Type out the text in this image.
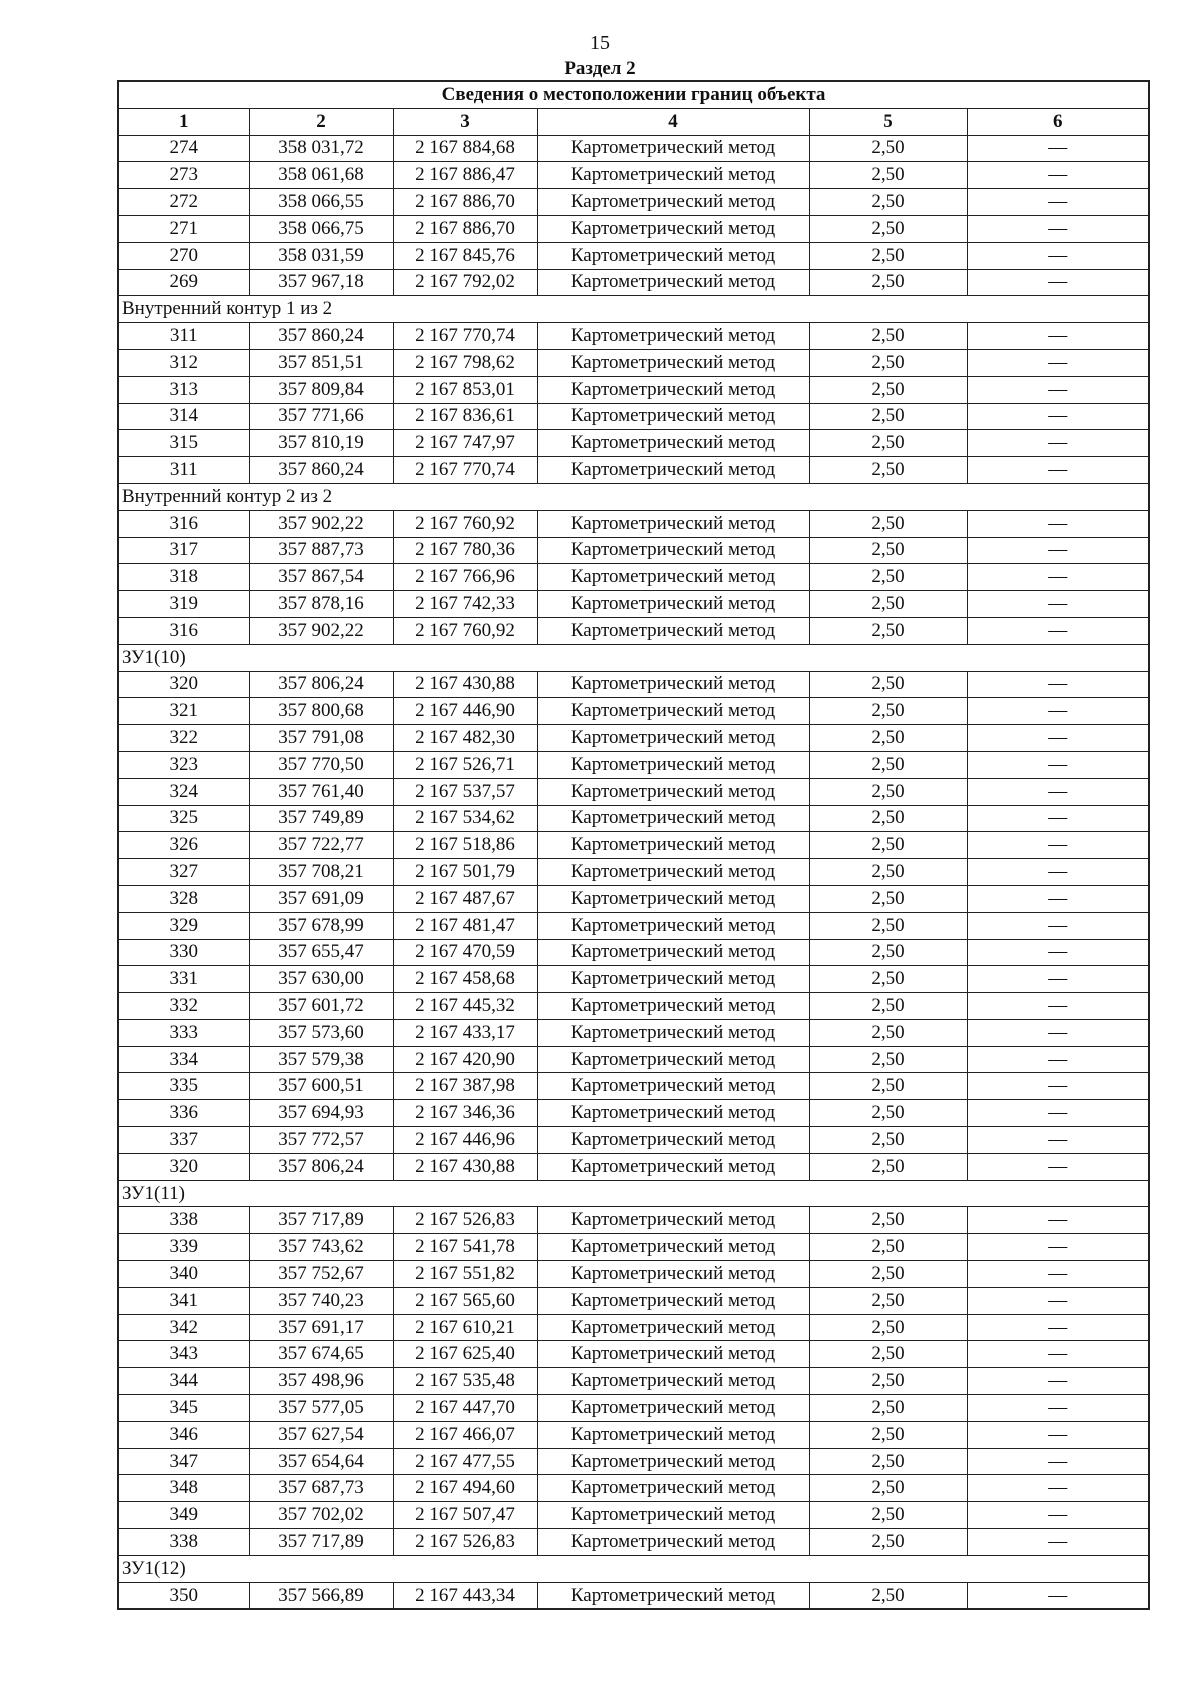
15
Раздел 2
Сведения о местоположении границ объекта					
1	2	3	4	5	6
274	358 031,72	2 167 884,68	Картометрический метод	2,50	—
273	358 061,68	2 167 886,47	Картометрический метод	2,50	—
272	358 066,55	2 167 886,70	Картометрический метод	2,50	—
271	358 066,75	2 167 886,70	Картометрический метод	2,50	—
270	358 031,59	2 167 845,76	Картометрический метод	2,50	—
269	357 967,18	2 167 792,02	Картометрический метод	2,50	—
Внутренний контур 1 из 2					
311	357 860,24	2 167 770,74	Картометрический метод	2,50	—
312	357 851,51	2 167 798,62	Картометрический метод	2,50	—
313	357 809,84	2 167 853,01	Картометрический метод	2,50	—
314	357 771,66	2 167 836,61	Картометрический метод	2,50	—
315	357 810,19	2 167 747,97	Картометрический метод	2,50	—
311	357 860,24	2 167 770,74	Картометрический метод	2,50	—
Внутренний контур 2 из 2					
316	357 902,22	2 167 760,92	Картометрический метод	2,50	—
317	357 887,73	2 167 780,36	Картометрический метод	2,50	—
318	357 867,54	2 167 766,96	Картометрический метод	2,50	—
319	357 878,16	2 167 742,33	Картометрический метод	2,50	—
316	357 902,22	2 167 760,92	Картометрический метод	2,50	—
ЗУ1(10)					
320	357 806,24	2 167 430,88	Картометрический метод	2,50	—
321	357 800,68	2 167 446,90	Картометрический метод	2,50	—
322	357 791,08	2 167 482,30	Картометрический метод	2,50	—
323	357 770,50	2 167 526,71	Картометрический метод	2,50	—
324	357 761,40	2 167 537,57	Картометрический метод	2,50	—
325	357 749,89	2 167 534,62	Картометрический метод	2,50	—
326	357 722,77	2 167 518,86	Картометрический метод	2,50	—
327	357 708,21	2 167 501,79	Картометрический метод	2,50	—
328	357 691,09	2 167 487,67	Картометрический метод	2,50	—
329	357 678,99	2 167 481,47	Картометрический метод	2,50	—
330	357 655,47	2 167 470,59	Картометрический метод	2,50	—
331	357 630,00	2 167 458,68	Картометрический метод	2,50	—
332	357 601,72	2 167 445,32	Картометрический метод	2,50	—
333	357 573,60	2 167 433,17	Картометрический метод	2,50	—
334	357 579,38	2 167 420,90	Картометрический метод	2,50	—
335	357 600,51	2 167 387,98	Картометрический метод	2,50	—
336	357 694,93	2 167 346,36	Картометрический метод	2,50	—
337	357 772,57	2 167 446,96	Картометрический метод	2,50	—
320	357 806,24	2 167 430,88	Картометрический метод	2,50	—
ЗУ1(11)					
338	357 717,89	2 167 526,83	Картометрический метод	2,50	—
339	357 743,62	2 167 541,78	Картометрический метод	2,50	—
340	357 752,67	2 167 551,82	Картометрический метод	2,50	—
341	357 740,23	2 167 565,60	Картометрический метод	2,50	—
342	357 691,17	2 167 610,21	Картометрический метод	2,50	—
343	357 674,65	2 167 625,40	Картометрический метод	2,50	—
344	357 498,96	2 167 535,48	Картометрический метод	2,50	—
345	357 577,05	2 167 447,70	Картометрический метод	2,50	—
346	357 627,54	2 167 466,07	Картометрический метод	2,50	—
347	357 654,64	2 167 477,55	Картометрический метод	2,50	—
348	357 687,73	2 167 494,60	Картометрический метод	2,50	—
349	357 702,02	2 167 507,47	Картометрический метод	2,50	—
338	357 717,89	2 167 526,83	Картометрический метод	2,50	—
ЗУ1(12)					
350	357 566,89	2 167 443,34	Картометрический метод	2,50	—
